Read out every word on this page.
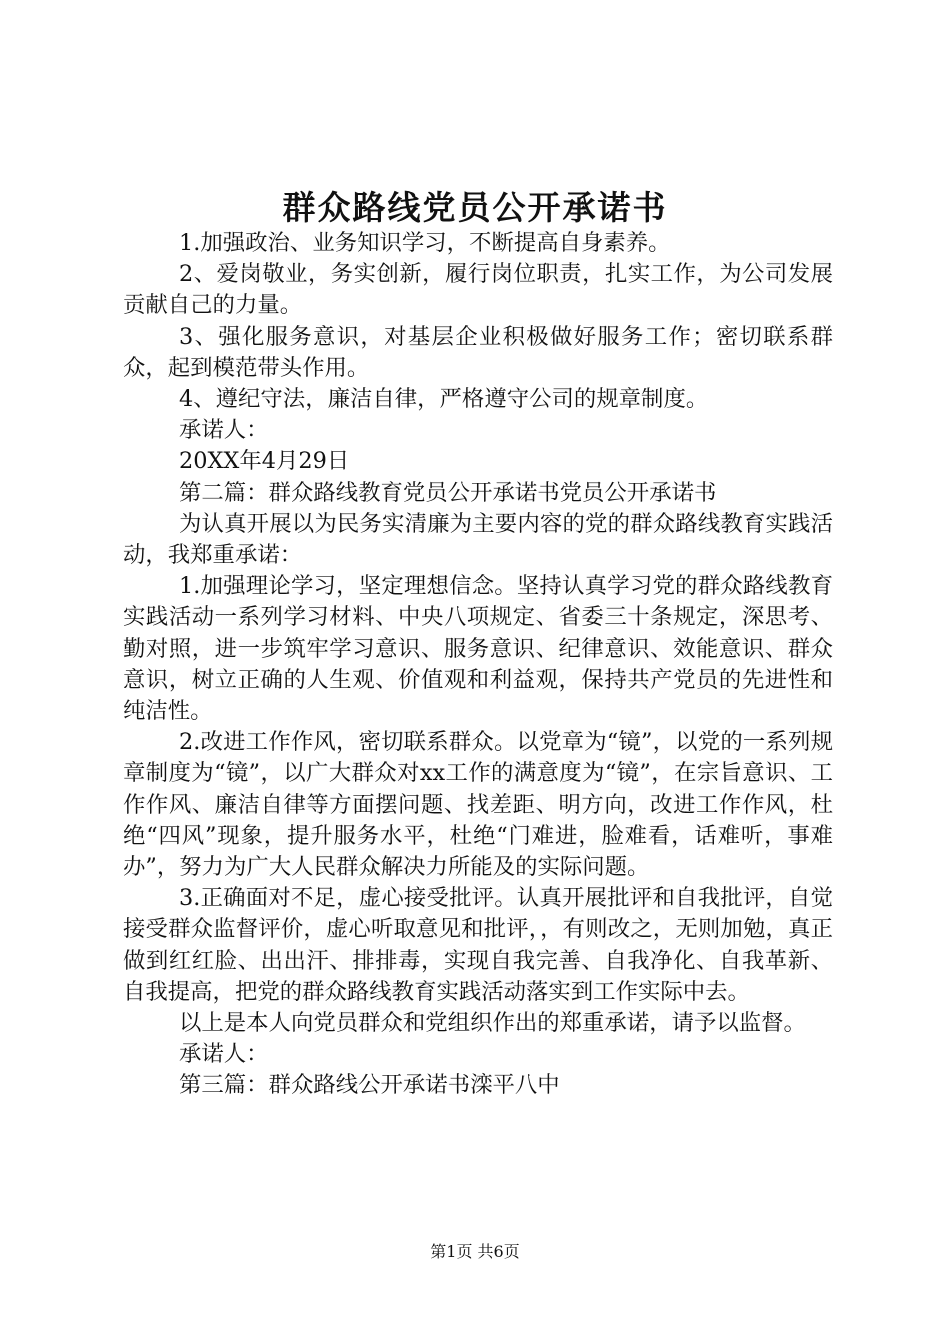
群众路线党员公开承诺书

1.加强政治、业务知识学习，不断提高自身素养。

2、爱岗敬业，务实创新，履行岗位职责，扎实工作，为公司发展贡献自己的力量。

3、强化服务意识，对基层企业积极做好服务工作；密切联系群众，起到模范带头作用。

4、遵纪守法，廉洁自律，严格遵守公司的规章制度。

承诺人：

20XX年4月29日

第二篇：群众路线教育党员公开承诺书党员公开承诺书

为认真开展以为民务实清廉为主要内容的党的群众路线教育实践活动，我郑重承诺：

1.加强理论学习，坚定理想信念。坚持认真学习党的群众路线教育实践活动一系列学习材料、中央八项规定、省委三十条规定，深思考、勤对照，进一步筑牢学习意识、服务意识、纪律意识、效能意识、群众意识，树立正确的人生观、价值观和利益观，保持共产党员的先进性和纯洁性。

2.改进工作作风，密切联系群众。以党章为“镜”，以党的一系列规章制度为“镜”，以广大群众对xx工作的满意度为“镜”，在宗旨意识、工作作风、廉洁自律等方面摆问题、找差距、明方向，改进工作作风，杜绝“四风”现象，提升服务水平，杜绝“门难进，脸难看，话难听，事难办”，努力为广大人民群众解决力所能及的实际问题。

3.正确面对不足，虚心接受批评。认真开展批评和自我批评，自觉接受群众监督评价，虚心听取意见和批评，，有则改之，无则加勉，真正做到红红脸、出出汗、排排毒，实现自我完善、自我净化、自我革新、自我提高，把党的群众路线教育实践活动落实到工作实际中去。

以上是本人向党员群众和党组织作出的郑重承诺，请予以监督。

承诺人：

第三篇：群众路线公开承诺书滦平八中

第1页 共6页
